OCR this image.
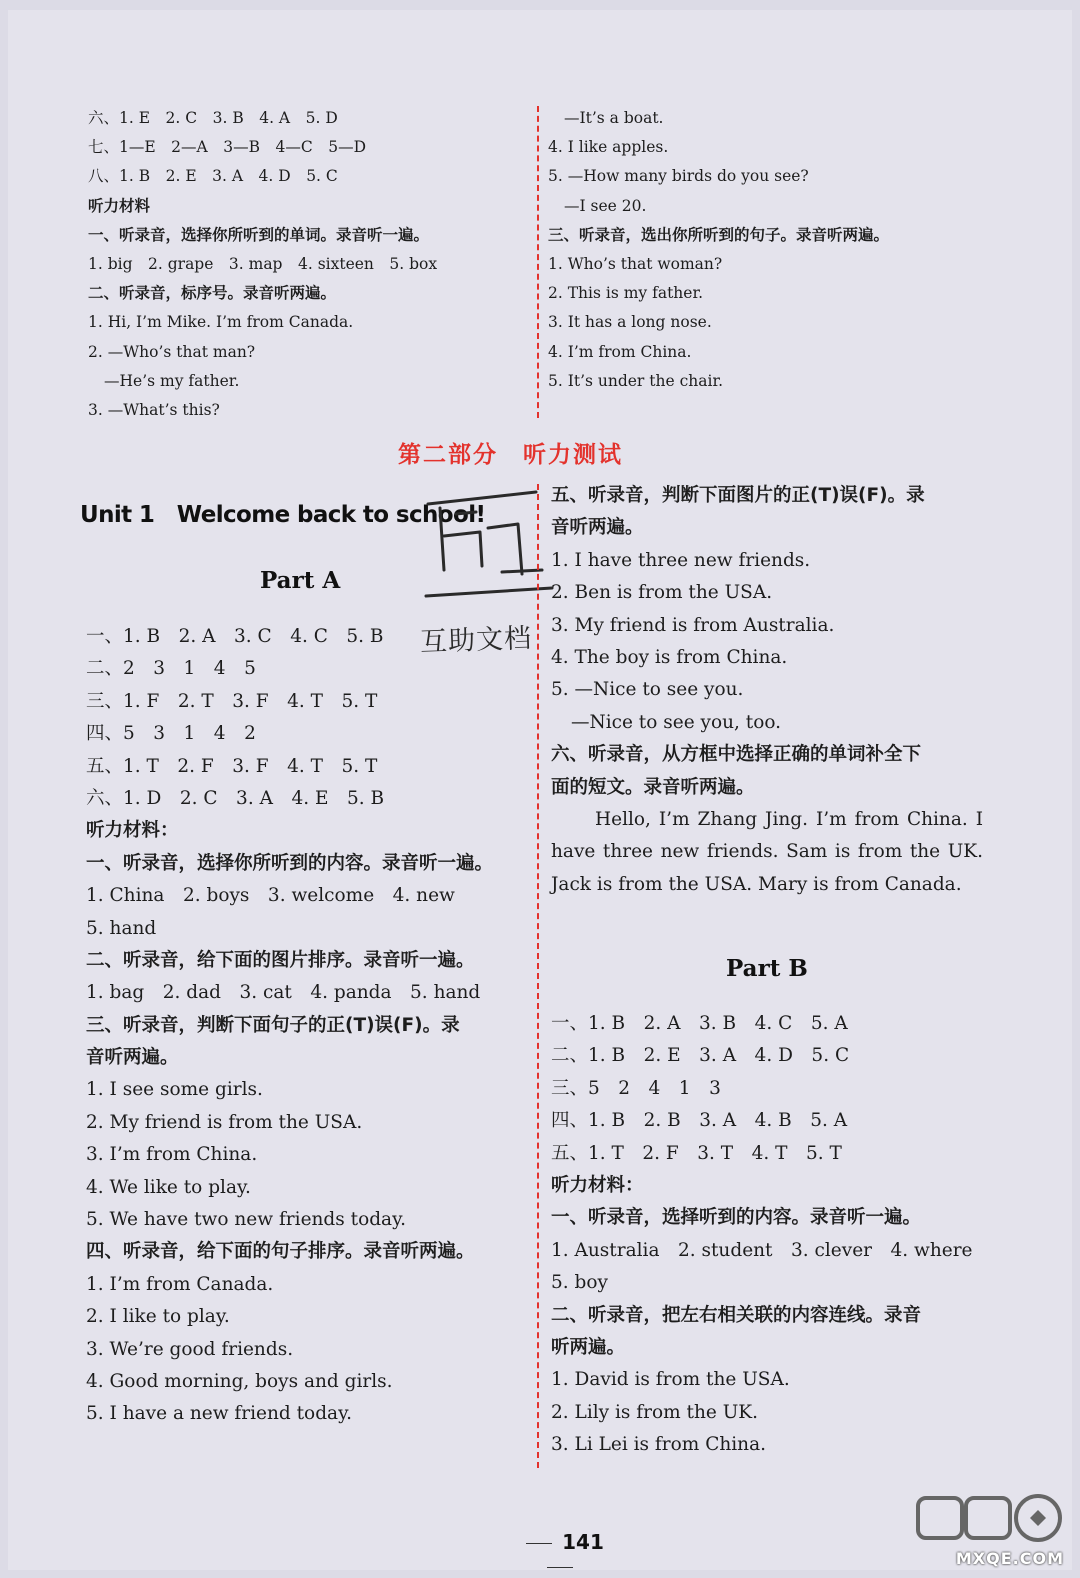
六、1. E　2. C　3. B　4. A　5. D
七、1—E　2—A　3—B　4—C　5—D
八、1. B　2. E　3. A　4. D　5. C
听力材料
一、听录音，选择你所听到的单词。录音听一遍。
1. big　2. grape　3. map　4. sixteen　5. box
二、听录音，标序号。录音听两遍。
1. Hi, I’m Mike. I’m from Canada.
2. —Who’s that man?
—He’s my father.
3. —What’s this?
—It’s a boat.
4. I like apples.
5. —How many birds do you see?
—I see 20.
三、听录音，选出你所听到的句子。录音听两遍。
1. Who’s that woman?
2. This is my father.
3. It has a long nose.
4. I’m from China.
5. It’s under the chair.
第二部分　听力测试
Unit 1　Welcome back to school!
互助文档
Part A
一、1. B　2. A　3. C　4. C　5. B
二、2　3　1　4　5
三、1. F　2. T　3. F　4. T　5. T
四、5　3　1　4　2
五、1. T　2. F　3. F　4. T　5. T
六、1. D　2. C　3. A　4. E　5. B
听力材料：
一、听录音，选择你所听到的内容。录音听一遍。
1. China　2. boys　3. welcome　4. new
5. hand
二、听录音，给下面的图片排序。录音听一遍。
1. bag　2. dad　3. cat　4. panda　5. hand
三、听录音，判断下面句子的正(T)误(F)。录
音听两遍。
1. I see some girls.
2. My friend is from the USA.
3. I’m from China.
4. We like to play.
5. We have two new friends today.
四、听录音，给下面的句子排序。录音听两遍。
1. I’m from Canada.
2. I like to play.
3. We’re good friends.
4. Good morning, boys and girls.
5. I have a new friend today.
五、听录音，判断下面图片的正(T)误(F)。录
音听两遍。
1. I have three new friends.
2. Ben is from the USA.
3. My friend is from Australia.
4. The boy is from China.
5. —Nice to see you.
—Nice to see you, too.
六、听录音，从方框中选择正确的单词补全下
面的短文。录音听两遍。
Hello, I’m Zhang Jing. I’m from China. I have three new friends. Sam is from the UK. Jack is from the USA. Mary is from Canada.
Part B
一、1. B　2. A　3. B　4. C　5. A
二、1. B　2. E　3. A　4. D　5. C
三、5　2　4　1　3
四、1. B　2. B　3. A　4. B　5. A
五、1. T　2. F　3. T　4. T　5. T
听力材料：
一、听录音，选择听到的内容。录音听一遍。
1. Australia　2. student　3. clever　4. where
5. boy
二、听录音，把左右相关联的内容连线。录音
听两遍。
1. David is from the USA.
2. Lily is from the UK.
3. Li Lei is from China.
141
MXQE.COM
